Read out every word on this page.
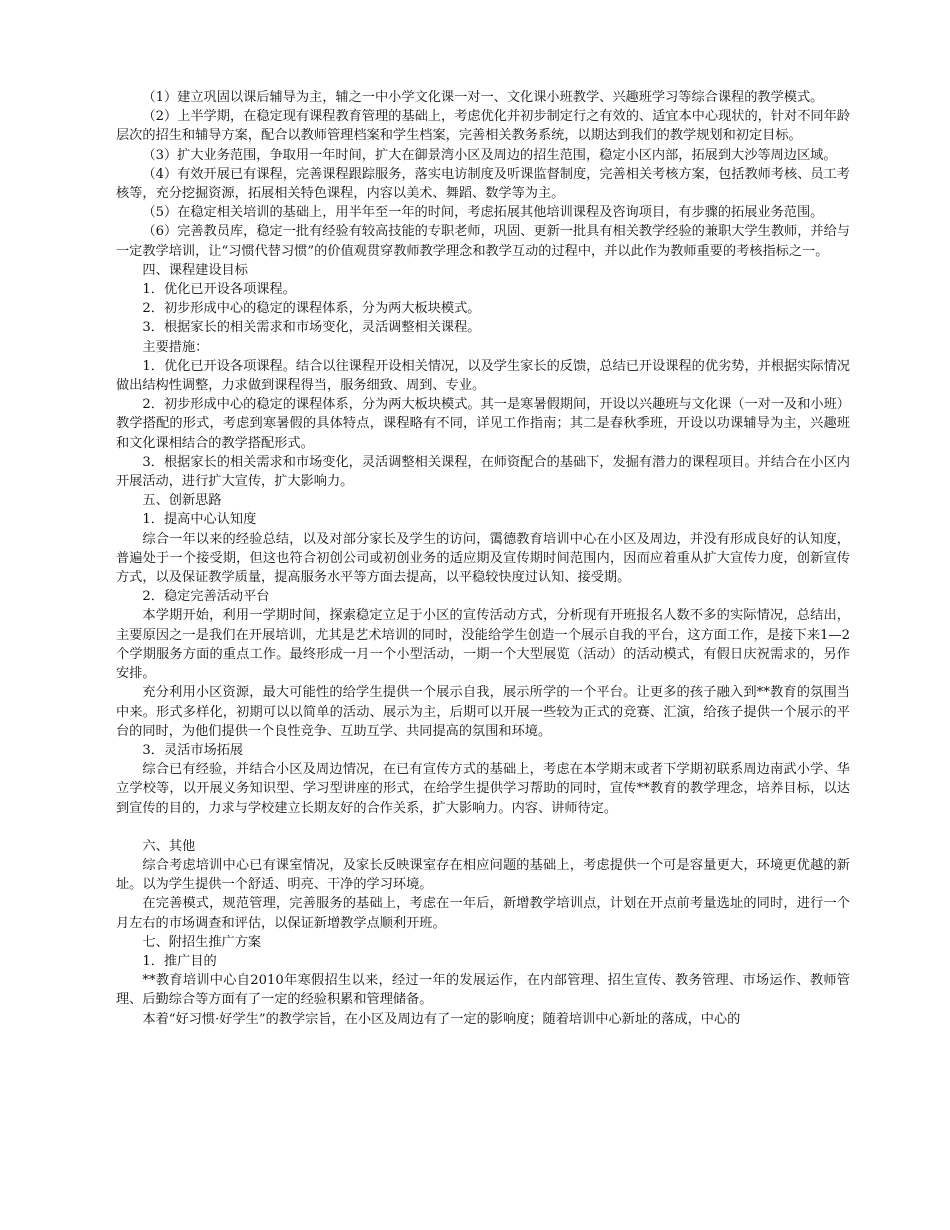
（1）建立巩固以课后辅导为主，辅之一中小学文化课一对一、文化课小班教学、兴趣班学习等综合课程的教学模式。

（2）上半学期，在稳定现有课程教育管理的基础上，考虑优化并初步制定行之有效的、适宜本中心现状的，针对不同年龄层次的招生和辅导方案，配合以教师管理档案和学生档案，完善相关教务系统，以期达到我们的教学规划和初定目标。

（3）扩大业务范围，争取用一年时间，扩大在御景湾小区及周边的招生范围，稳定小区内部，拓展到大沙等周边区域。

（4）有效开展已有课程，完善课程跟踪服务，落实电访制度及听课监督制度，完善相关考核方案，包括教师考核、员工考核等，充分挖掘资源，拓展相关特色课程，内容以美术、舞蹈、数学等为主。

（5）在稳定相关培训的基础上，用半年至一年的时间，考虑拓展其他培训课程及咨询项目，有步骤的拓展业务范围。

（6）完善教员库，稳定一批有经验有较高技能的专职老师，巩固、更新一批具有相关教学经验的兼职大学生教师，并给与一定教学培训，让“习惯代替习惯”的价值观贯穿教师教学理念和教学互动的过程中，并以此作为教师重要的考核指标之一。

四、课程建设目标

1．优化已开设各项课程。

2．初步形成中心的稳定的课程体系，分为两大板块模式。

3．根据家长的相关需求和市场变化，灵活调整相关课程。

主要措施：

1．优化已开设各项课程。结合以往课程开设相关情况，以及学生家长的反馈，总结已开设课程的优劣势，并根据实际情况做出结构性调整，力求做到课程得当，服务细致、周到、专业。

2．初步形成中心的稳定的课程体系，分为两大板块模式。其一是寒暑假期间，开设以兴趣班与文化课（一对一及和小班）教学搭配的形式，考虑到寒暑假的具体特点，课程略有不同，详见工作指南；其二是春秋季班，开设以功课辅导为主，兴趣班和文化课相结合的教学搭配形式。

3．根据家长的相关需求和市场变化，灵活调整相关课程，在师资配合的基础下，发掘有潜力的课程项目。并结合在小区内开展活动，进行扩大宣传，扩大影响力。

五、创新思路

1．提高中心认知度

综合一年以来的经验总结，以及对部分家长及学生的访问，霭德教育培训中心在小区及周边，并没有形成良好的认知度，普遍处于一个接受期，但这也符合初创公司或初创业务的适应期及宣传期时间范围内，因而应着重从扩大宣传力度，创新宣传方式，以及保证教学质量，提高服务水平等方面去提高，以平稳较快度过认知、接受期。

2．稳定完善活动平台

本学期开始，利用一学期时间，探索稳定立足于小区的宣传活动方式，分析现有开班报名人数不多的实际情况，总结出，主要原因之一是我们在开展培训，尤其是艺术培训的同时，没能给学生创造一个展示自我的平台，这方面工作，是接下来1—2个学期服务方面的重点工作。最终形成一月一个小型活动，一期一个大型展览（活动）的活动模式，有假日庆祝需求的，另作安排。

充分利用小区资源，最大可能性的给学生提供一个展示自我，展示所学的一个平台。让更多的孩子融入到**教育的氛围当中来。形式多样化，初期可以以简单的活动、展示为主，后期可以开展一些较为正式的竞赛、汇演，给孩子提供一个展示的平台的同时，为他们提供一个良性竞争、互助互学、共同提高的氛围和环境。

3．灵活市场拓展

综合已有经验，并结合小区及周边情况，在已有宣传方式的基础上，考虑在本学期末或者下学期初联系周边南武小学、华立学校等，以开展义务知识型、学习型讲座的形式，在给学生提供学习帮助的同时，宣传**教育的教学理念，培养目标，以达到宣传的目的，力求与学校建立长期友好的合作关系，扩大影响力。内容、讲师待定。

六、其他

综合考虑培训中心已有课室情况，及家长反映课室存在相应问题的基础上，考虑提供一个可是容量更大，环境更优越的新址。以为学生提供一个舒适、明亮、干净的学习环境。

在完善模式，规范管理，完善服务的基础上，考虑在一年后，新增教学培训点，计划在开点前考量选址的同时，进行一个月左右的市场调查和评估，以保证新增教学点顺利开班。

七、附招生推广方案

1．推广目的

**教育培训中心自2010年寒假招生以来，经过一年的发展运作，在内部管理、招生宣传、教务管理、市场运作、教师管理、后勤综合等方面有了一定的经验积累和管理储备。

本着“好习惯·好学生”的教学宗旨，在小区及周边有了一定的影响度；随着培训中心新址的落成，中心的
